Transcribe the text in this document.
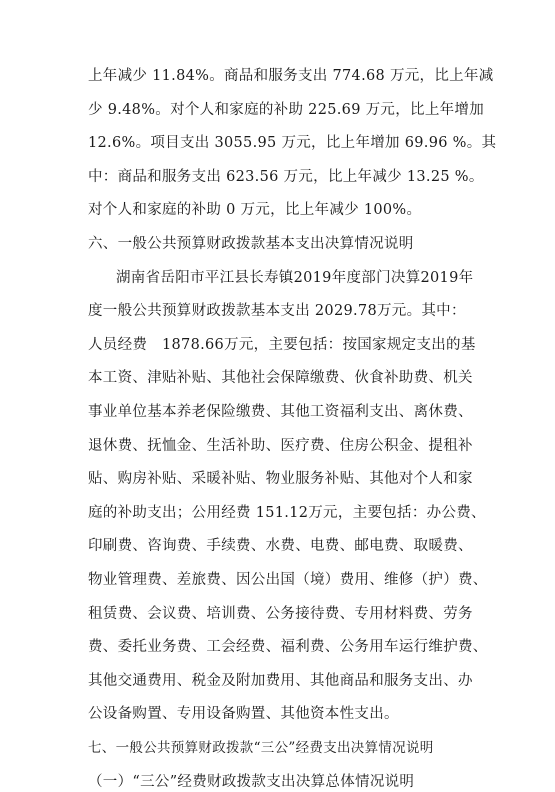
上年减少 11.84%。商品和服务支出 774.68 万元，比上年减
少 9.48%。对个人和家庭的补助 225.69 万元，比上年增加
12.6%。项目支出 3055.95 万元，比上年增加 69.96 %。其
中：商品和服务支出 623.56 万元，比上年减少 13.25 %。
对个人和家庭的补助 0 万元，比上年减少 100%。
六、一般公共预算财政拨款基本支出决算情况说明
湖南省岳阳市平江县长寿镇2019年度部门决算2019年
度一般公共预算财政拨款基本支出 2029.78万元。其中：
人员经费　1878.66万元，主要包括：按国家规定支出的基
本工资、津贴补贴、其他社会保障缴费、伙食补助费、机关
事业单位基本养老保险缴费、其他工资福利支出、离休费、
退休费、抚恤金、生活补助、医疗费、住房公积金、提租补
贴、购房补贴、采暖补贴、物业服务补贴、其他对个人和家
庭的补助支出；公用经费 151.12万元，主要包括：办公费、
印刷费、咨询费、手续费、水费、电费、邮电费、取暖费、
物业管理费、差旅费、因公出国（境）费用、维修（护）费、
租赁费、会议费、培训费、公务接待费、专用材料费、劳务
费、委托业务费、工会经费、福利费、公务用车运行维护费、
其他交通费用、税金及附加费用、其他商品和服务支出、办
公设备购置、专用设备购置、其他资本性支出。
七、一般公共预算财政拨款“三公”经费支出决算情况说明
（一）“三公”经费财政拨款支出决算总体情况说明
